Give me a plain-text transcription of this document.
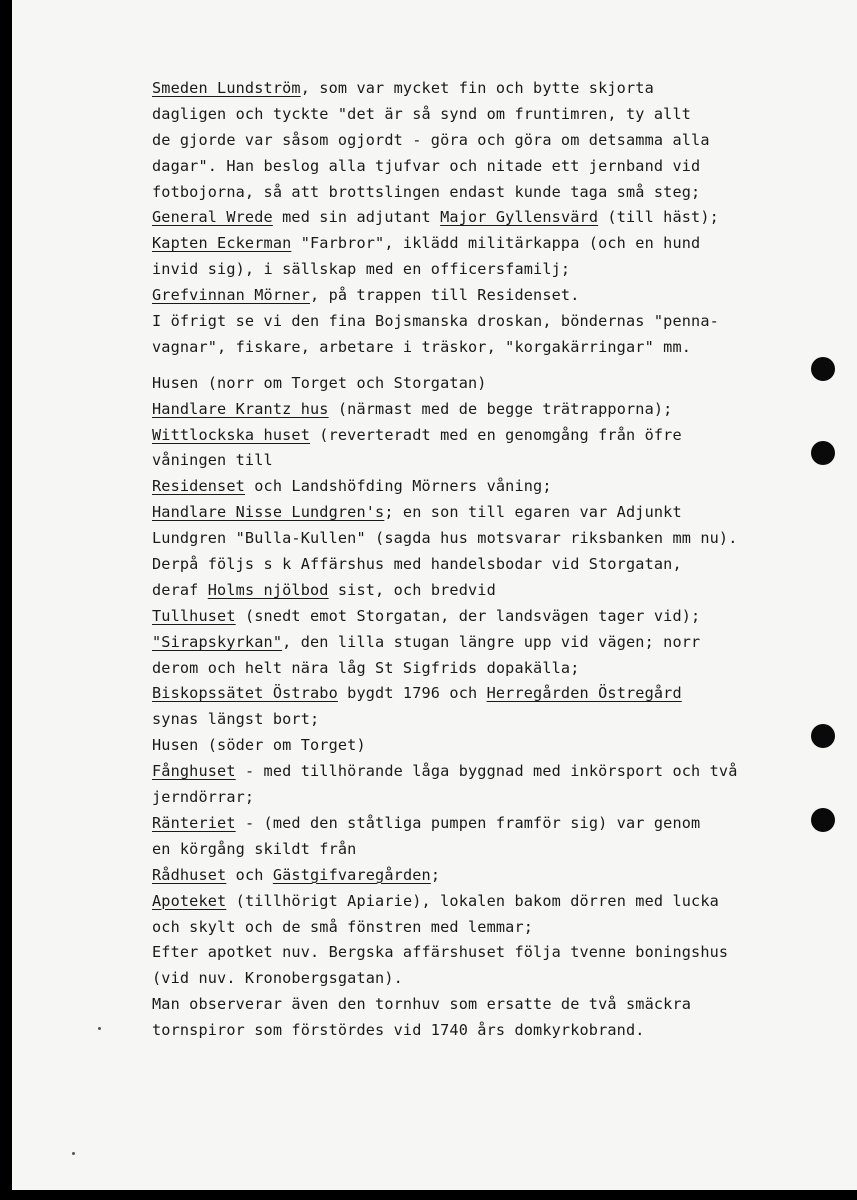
Smeden Lundström, som var mycket fin och bytte skjorta
dagligen och tyckte "det är så synd om fruntimren, ty allt
de gjorde var såsom ogjordt - göra och göra om detsamma alla
dagar". Han beslog alla tjufvar och nitade ett jernband vid
fotbojorna, så att brottslingen endast kunde taga små steg;
General Wrede med sin adjutant Major Gyllensvärd (till häst);
Kapten Eckerman "Farbror", iklädd militärkappa (och en hund
invid sig), i sällskap med en officersfamilj;
Grefvinnan Mörner, på trappen till Residenset.
I öfrigt se vi den fina Bojsmanska droskan, böndernas "penna-
vagnar", fiskare, arbetare i träskor, "korgakärringar" mm.
Husen (norr om Torget och Storgatan)
Handlare Krantz hus (närmast med de begge trätrapporna);
Wittlockska huset (reverteradt med en genomgång från öfre
våningen till
Residenset och Landshöfding Mörners våning;
Handlare Nisse Lundgren's; en son till egaren var Adjunkt
Lundgren "Bulla-Kullen" (sagda hus motsvarar riksbanken mm nu).
Derpå följs s k Affärshus med handelsbodar vid Storgatan,
deraf Holms njölbod sist, och bredvid
Tullhuset (snedt emot Storgatan, der landsvägen tager vid);
"Sirapskyrkan", den lilla stugan längre upp vid vägen; norr
derom och helt nära låg St Sigfrids dopakälla;
Biskopssätet Östrabo bygdt 1796 och Herregården Östregård
synas längst bort;
Husen (söder om Torget)
Fånghuset - med tillhörande låga byggnad med inkörsport och två
jerndörrar;
Ränteriet - (med den ståtliga pumpen framför sig) var genom
en körgång skildt från
Rådhuset och Gästgifvaregården;
Apoteket (tillhörigt Apiarie), lokalen bakom dörren med lucka
och skylt och de små fönstren med lemmar;
Efter apotket nuv. Bergska affärshuset följa tvenne boningshus
(vid nuv. Kronobergsgatan).
Man observerar även den tornhuv som ersatte de två smäckra
tornspiror som förstördes vid 1740 års domkyrkobrand.
